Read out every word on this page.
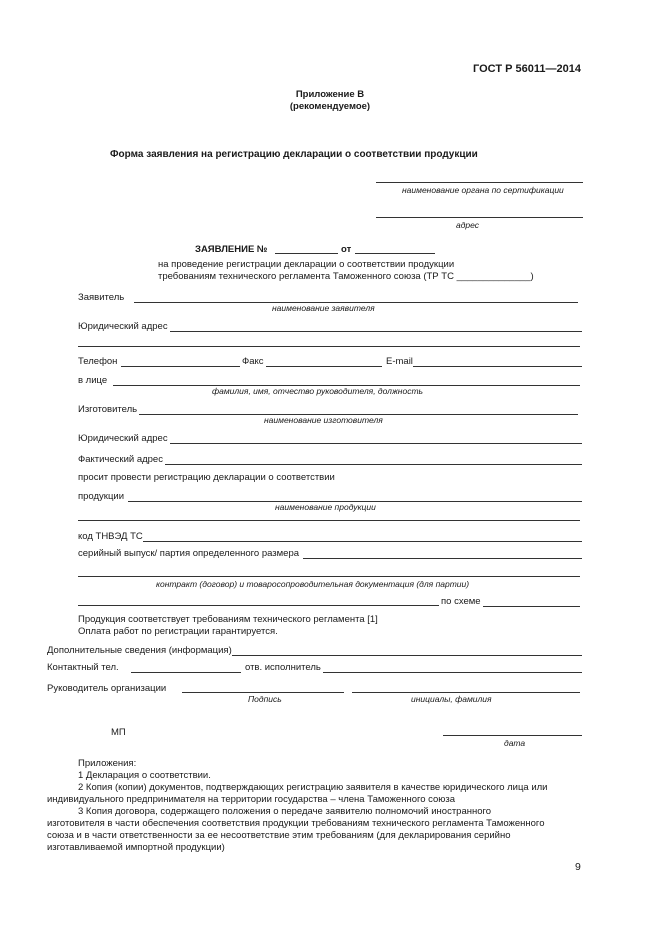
ГОСТ Р 56011—2014
Приложение В
(рекомендуемое)
Форма заявления на регистрацию декларации о соответствии продукции
наименование органа по сертификации
адрес
ЗАЯВЛЕНИЕ №	от
на проведение регистрации декларации о соответствии продукции
требованиям технического регламента Таможенного союза (ТР ТС ______________)
Заявитель
наименование заявителя
Юридический адрес
Телефон	Факс	E-mail
в лице
фамилия, имя, отчество руководителя, должность
Изготовитель
наименование изготовителя
Юридический адрес
Фактический адрес
просит провести регистрацию декларации о соответствии
продукции
наименование продукции
код ТНВЭД ТС
серийный выпуск/ партия определенного размера
контракт (договор) и товаросопроводительная документация (для партии)
по схеме
Продукция соответствует требованиям технического регламента [1]
Оплата работ по регистрации гарантируется.
Дополнительные сведения (информация)
Контактный тел.	отв. исполнитель
Руководитель организации
Подпись	инициалы, фамилия
МП
дата
Приложения:
1 Декларация о соответствии.
2 Копия (копии) документов, подтверждающих регистрацию заявителя в качестве юридического лица или
индивидуального предпринимателя на территории государства – члена Таможенного союза
3 Копия договора, содержащего положения о передаче заявителю полномочий иностранного
изготовителя в части обеспечения соответствия продукции требованиям технического регламента Таможенного
союза и в части ответственности за ее несоответствие этим требованиям (для декларирования серийно
изготавливаемой импортной продукции)
9
